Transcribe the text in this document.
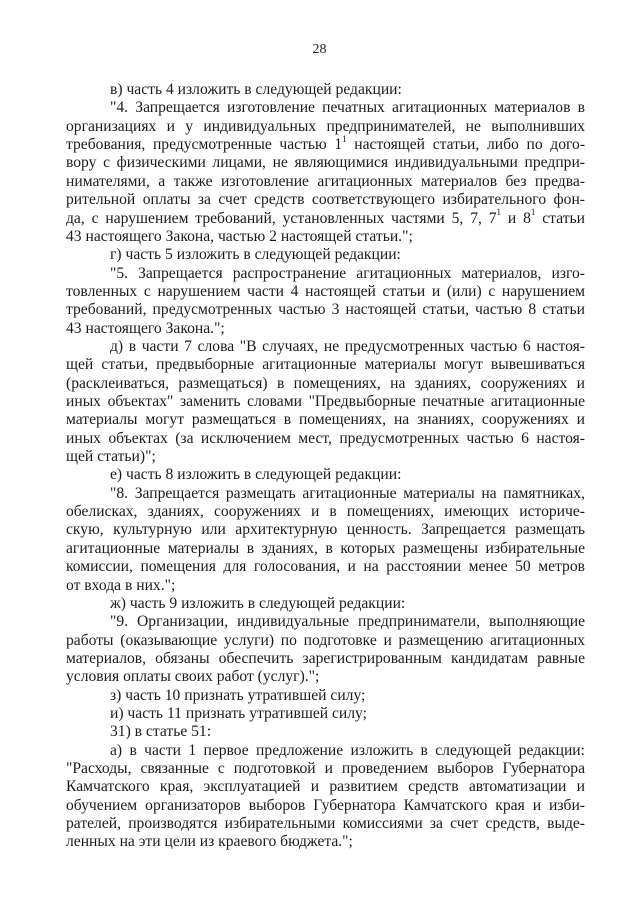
28
в) часть 4 изложить в следующей редакции:
"4. Запрещается изготовление печатных агитационных материалов в
организациях и у индивидуальных предпринимателей, не выполнивших
требования, предусмотренные частью $1^1$ настоящей статьи, либо по дого-
вору с физическими лицами, не являющимися индивидуальными предпри-
нимателями, а также изготовление агитационных материалов без предва-
рительной оплаты за счет средств соответствующего избирательного фон-
да, с нарушением требований, установленных частями 5, 7, $7^1$ и $8^1$ статьи
43 настоящего Закона, частью 2 настоящей статьи.";
г) часть 5 изложить в следующей редакции:
"5. Запрещается распространение агитационных материалов, изго-
товленных с нарушением части 4 настоящей статьи и (или) с нарушением
требований, предусмотренных частью 3 настоящей статьи, частью 8 статьи
43 настоящего Закона.";
д) в части 7 слова "В случаях, не предусмотренных частью 6 настоя-
щей статьи, предвыборные агитационные материалы могут вывешиваться
(расклеиваться, размещаться) в помещениях, на зданиях, сооружениях и
иных объектах" заменить словами "Предвыборные печатные агитационные
материалы могут размещаться в помещениях, на знаниях, сооружениях и
иных объектах (за исключением мест, предусмотренных частью 6 настоя-
щей статьи)";
е) часть 8 изложить в следующей редакции:
"8. Запрещается размещать агитационные материалы на памятниках,
обелисках, зданиях, сооружениях и в помещениях, имеющих историче-
скую, культурную или архитектурную ценность. Запрещается размещать
агитационные материалы в зданиях, в которых размещены избирательные
комиссии, помещения для голосования, и на расстоянии менее 50 метров
от входа в них.";
ж) часть 9 изложить в следующей редакции:
"9. Организации, индивидуальные предприниматели, выполняющие
работы (оказывающие услуги) по подготовке и размещению агитационных
материалов, обязаны обеспечить зарегистрированным кандидатам равные
условия оплаты своих работ (услуг).";
з) часть 10 признать утратившей силу;
и) часть 11 признать утратившей силу;
31) в статье 51:
а) в части 1 первое предложение изложить в следующей редакции:
"Расходы, связанные с подготовкой и проведением выборов Губернатора
Камчатского края, эксплуатацией и развитием средств автоматизации и
обучением организаторов выборов Губернатора Камчатского края и изби-
рателей, производятся избирательными комиссиями за счет средств, выде-
ленных на эти цели из краевого бюджета.";
